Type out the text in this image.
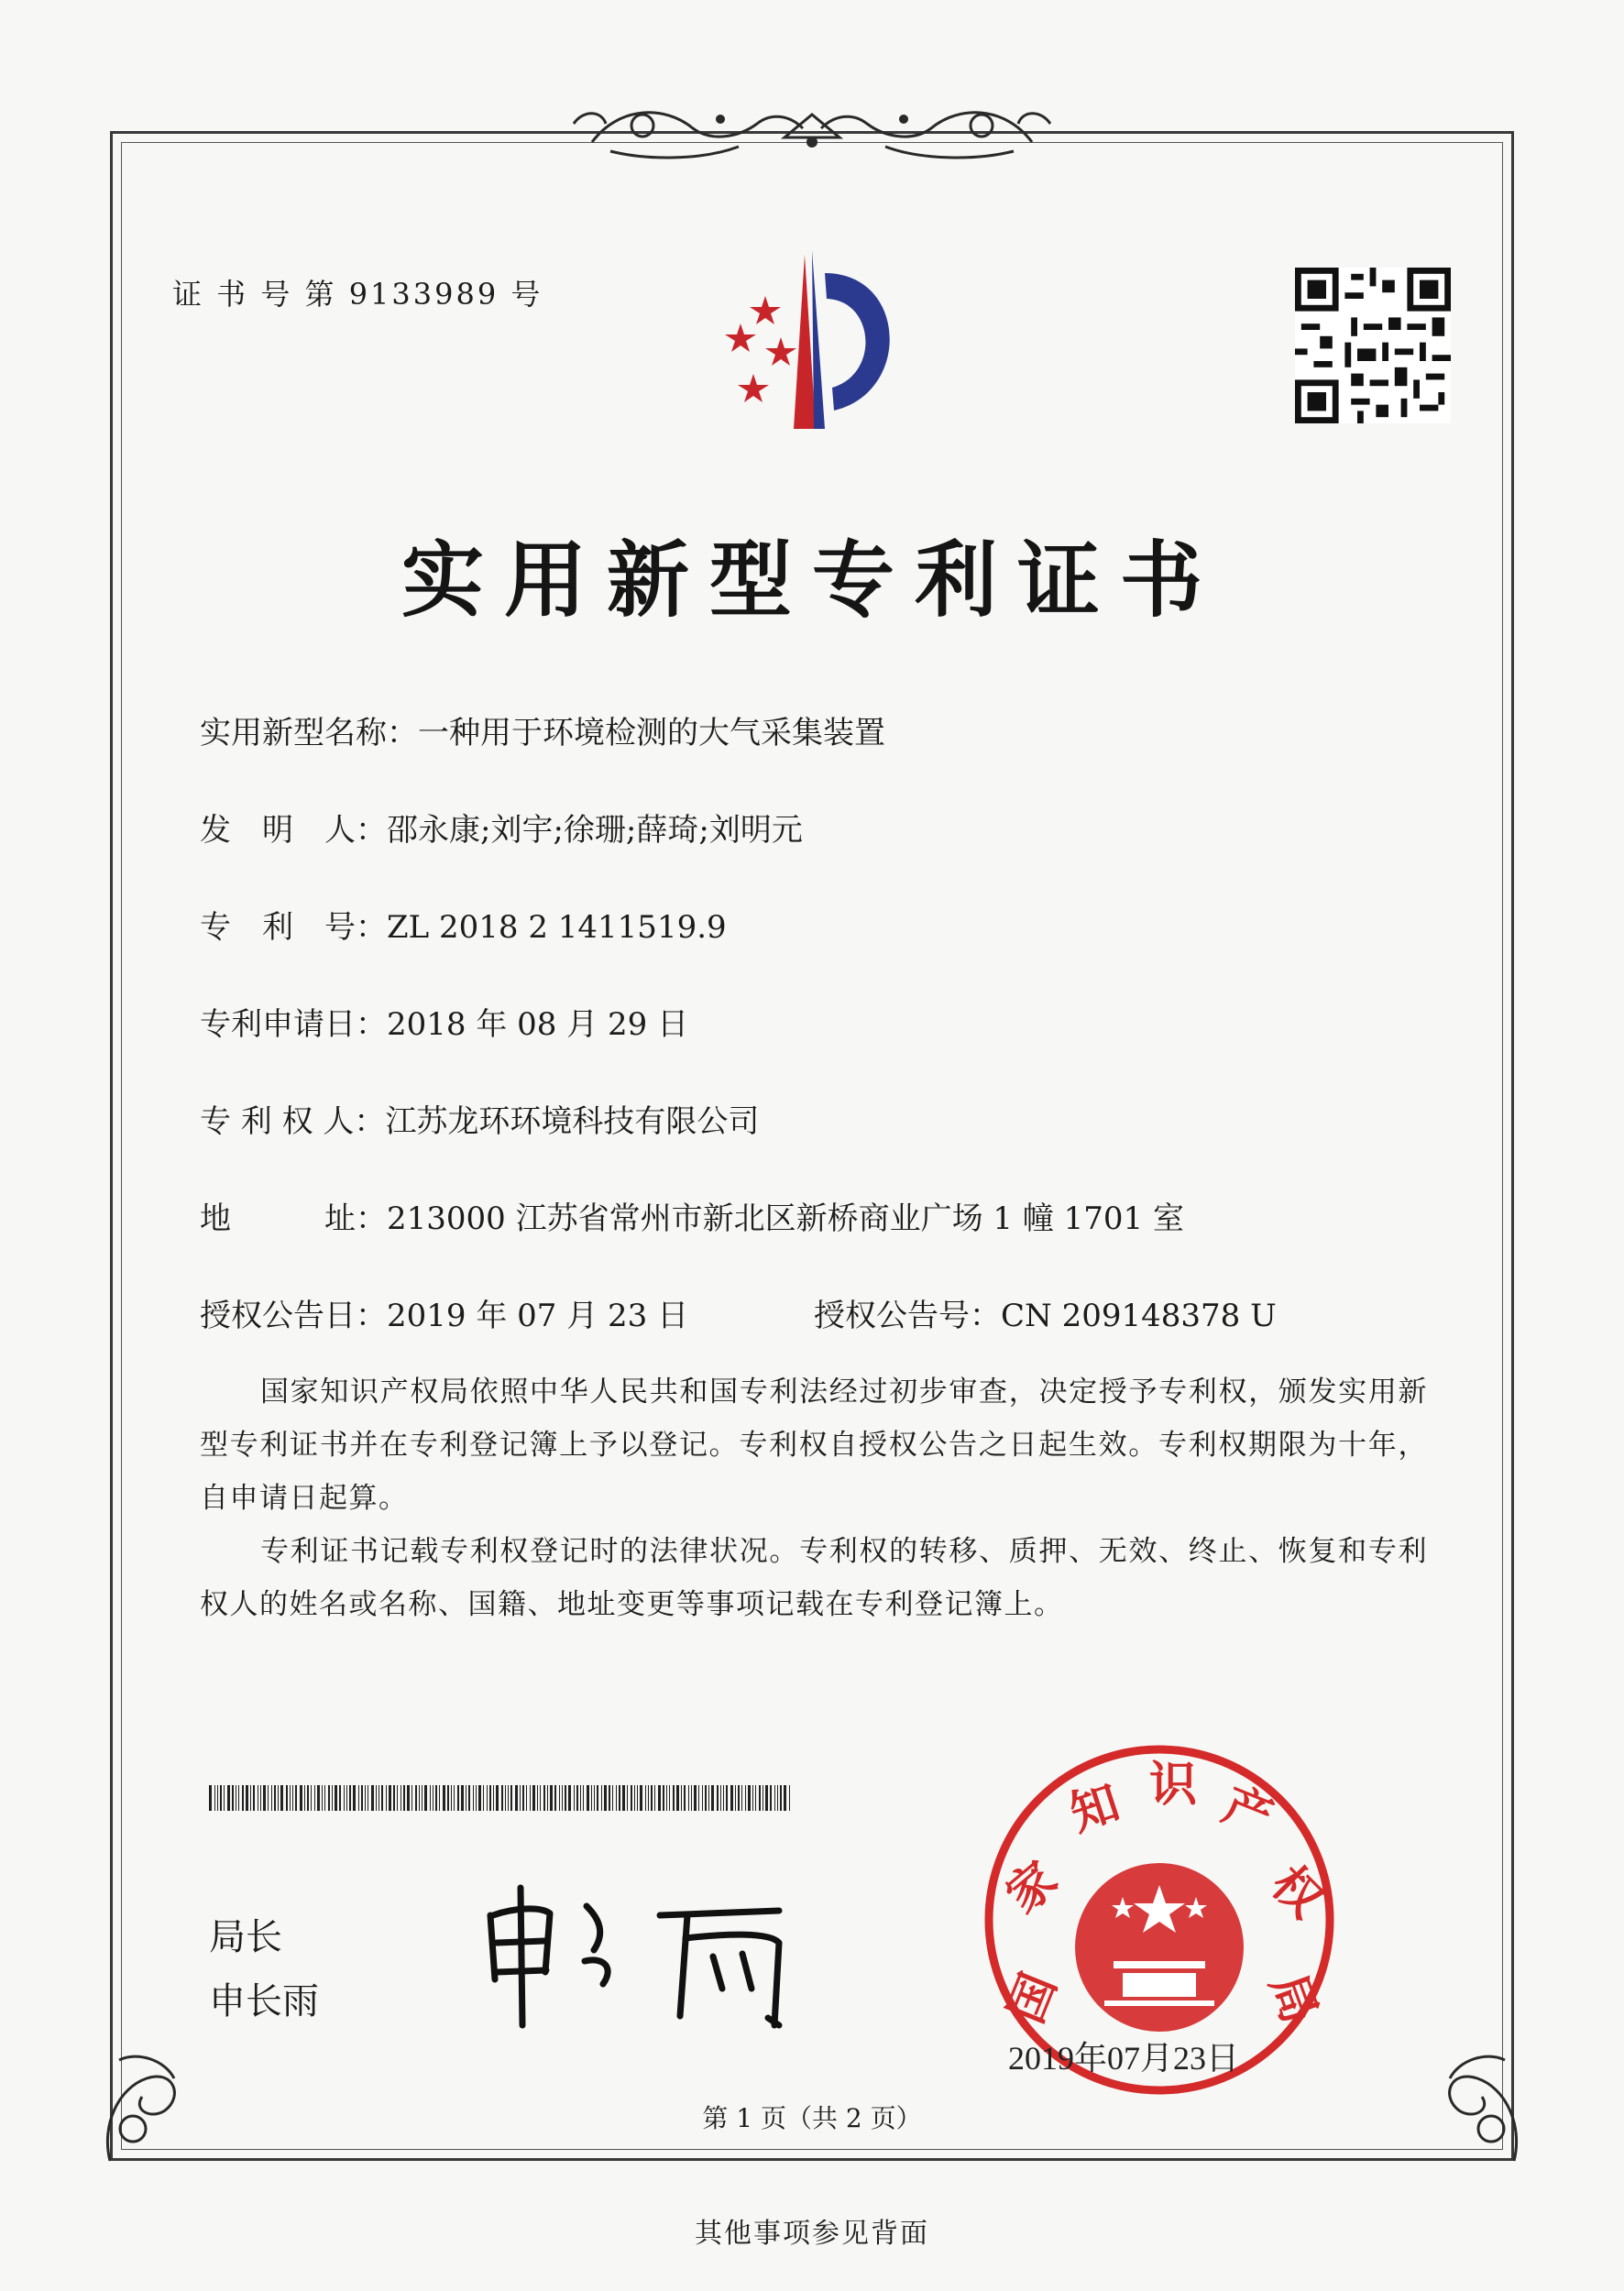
证 书 号 第 9133989 号
实用新型专利证书
实用新型名称：一种用于环境检测的大气采集装置
发　明　人：邵永康;刘宇;徐珊;薛琦;刘明元
专　利　号：ZL 2018 2 1411519.9
专利申请日：2018 年 08 月 29 日
专 利 权 人：江苏龙环环境科技有限公司
地　　　址：213000 江苏省常州市新北区新桥商业广场 1 幢 1701 室
授权公告日：2019 年 07 月 23 日	授权公告号：CN 209148378 U

国家知识产权局依照中华人民共和国专利法经过初步审查，决定授予专利权，颁发实用新型专利证书并在专利登记簿上予以登记。专利权自授权公告之日起生效。专利权期限为十年，自申请日起算。

专利证书记载专利权登记时的法律状况。专利权的转移、质押、无效、终止、恢复和专利权人的姓名或名称、国籍、地址变更等事项记载在专利登记簿上。

局长
申长雨	国
家
知 识 产
权
局
2019年07月23日
第 1 页（共 2 页）
其他事项参见背面
